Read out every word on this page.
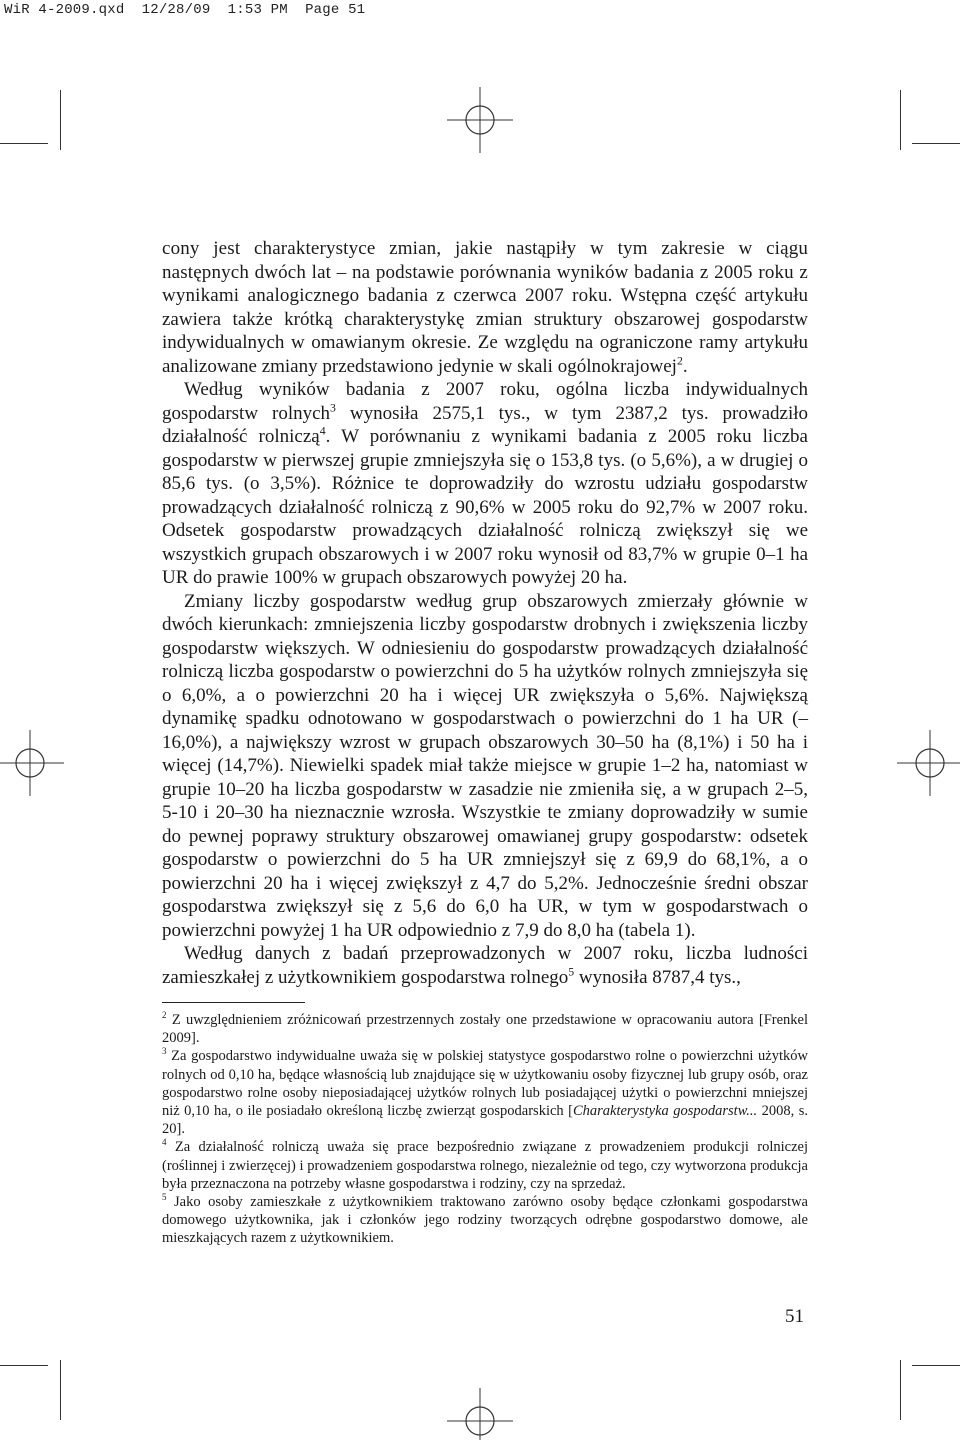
WiR 4-2009.qxd 12/28/09 1:53 PM Page 51

cony jest charakterystyce zmian, jakie nastąpiły w tym zakresie w ciągu następnych dwóch lat – na podstawie porównania wyników badania z 2005 roku z wynikami analogicznego badania z czerwca 2007 roku. Wstępna część artykułu zawiera także krótką charakterystykę zmian struktury obszarowej gospodarstw indywidualnych w omawianym okresie. Ze względu na ograniczone ramy artykułu analizowane zmiany przedstawiono jedynie w skali ogólnokrajowej$^2$.

Według wyników badania z 2007 roku, ogólna liczba indywidualnych gospodarstw rolnych$^3$ wynosiła 2575,1 tys., w tym 2387,2 tys. prowadziło działalność rolniczą$^4$. W porównaniu z wynikami badania z 2005 roku liczba gospodarstw w pierwszej grupie zmniejszyła się o 153,8 tys. (o 5,6%), a w drugiej o 85,6 tys. (o 3,5%). Różnice te doprowadziły do wzrostu udziału gospodarstw prowadzących działalność rolniczą z 90,6% w 2005 roku do 92,7% w 2007 roku. Odsetek gospodarstw prowadzących działalność rolniczą zwiększył się we wszystkich grupach obszarowych i w 2007 roku wynosił od 83,7% w grupie 0–1 ha UR do prawie 100% w grupach obszarowych powyżej 20 ha.

Zmiany liczby gospodarstw według grup obszarowych zmierzały głównie w dwóch kierunkach: zmniejszenia liczby gospodarstw drobnych i zwiększenia liczby gospodarstw większych. W odniesieniu do gospodarstw prowadzących działalność rolniczą liczba gospodarstw o powierzchni do 5 ha użytków rolnych zmniejszyła się o 6,0%, a o powierzchni 20 ha i więcej UR zwiększyła o 5,6%. Największą dynamikę spadku odnotowano w gospodarstwach o powierzchni do 1 ha UR (–16,0%), a największy wzrost w grupach obszarowych 30–50 ha (8,1%) i 50 ha i więcej (14,7%). Niewielki spadek miał także miejsce w grupie 1–2 ha, natomiast w grupie 10–20 ha liczba gospodarstw w zasadzie nie zmieniła się, a w grupach 2–5, 5-10 i 20–30 ha nieznacznie wzrosła. Wszystkie te zmiany doprowadziły w sumie do pewnej poprawy struktury obszarowej omawianej grupy gospodarstw: odsetek gospodarstw o powierzchni do 5 ha UR zmniejszył się z 69,9 do 68,1%, a o powierzchni 20 ha i więcej zwiększył z 4,7 do 5,2%. Jednocześnie średni obszar gospodarstwa zwiększył się z 5,6 do 6,0 ha UR, w tym w gospodarstwach o powierzchni powyżej 1 ha UR odpowiednio z 7,9 do 8,0 ha (tabela 1).

Według danych z badań przeprowadzonych w 2007 roku, liczba ludności zamieszkałej z użytkownikiem gospodarstwa rolnego$^5$ wynosiła 8787,4 tys.,

$^2$ Z uwzględnieniem zróżnicowań przestrzennych zostały one przedstawione w opracowaniu autora [Frenkel 2009].

$^3$ Za gospodarstwo indywidualne uważa się w polskiej statystyce gospodarstwo rolne o powierzchni użytków rolnych od 0,10 ha, będące własnością lub znajdujące się w użytkowaniu osoby fizycznej lub grupy osób, oraz gospodarstwo rolne osoby nieposiadającej użytków rolnych lub posiadającej użytki o powierzchni mniejszej niż 0,10 ha, o ile posiadało określoną liczbę zwierząt gospodarskich [Charakterystyka gospodarstw... 2008, s. 20].

$^4$ Za działalność rolniczą uważa się prace bezpośrednio związane z prowadzeniem produkcji rolniczej (roślinnej i zwierzęcej) i prowadzeniem gospodarstwa rolnego, niezależnie od tego, czy wytworzona produkcja była przeznaczona na potrzeby własne gospodarstwa i rodziny, czy na sprzedaż.

$^5$ Jako osoby zamieszkałe z użytkownikiem traktowano zarówno osoby będące członkami gospodarstwa domowego użytkownika, jak i członków jego rodziny tworzących odrębne gospodarstwo domowe, ale mieszkających razem z użytkownikiem.

51
